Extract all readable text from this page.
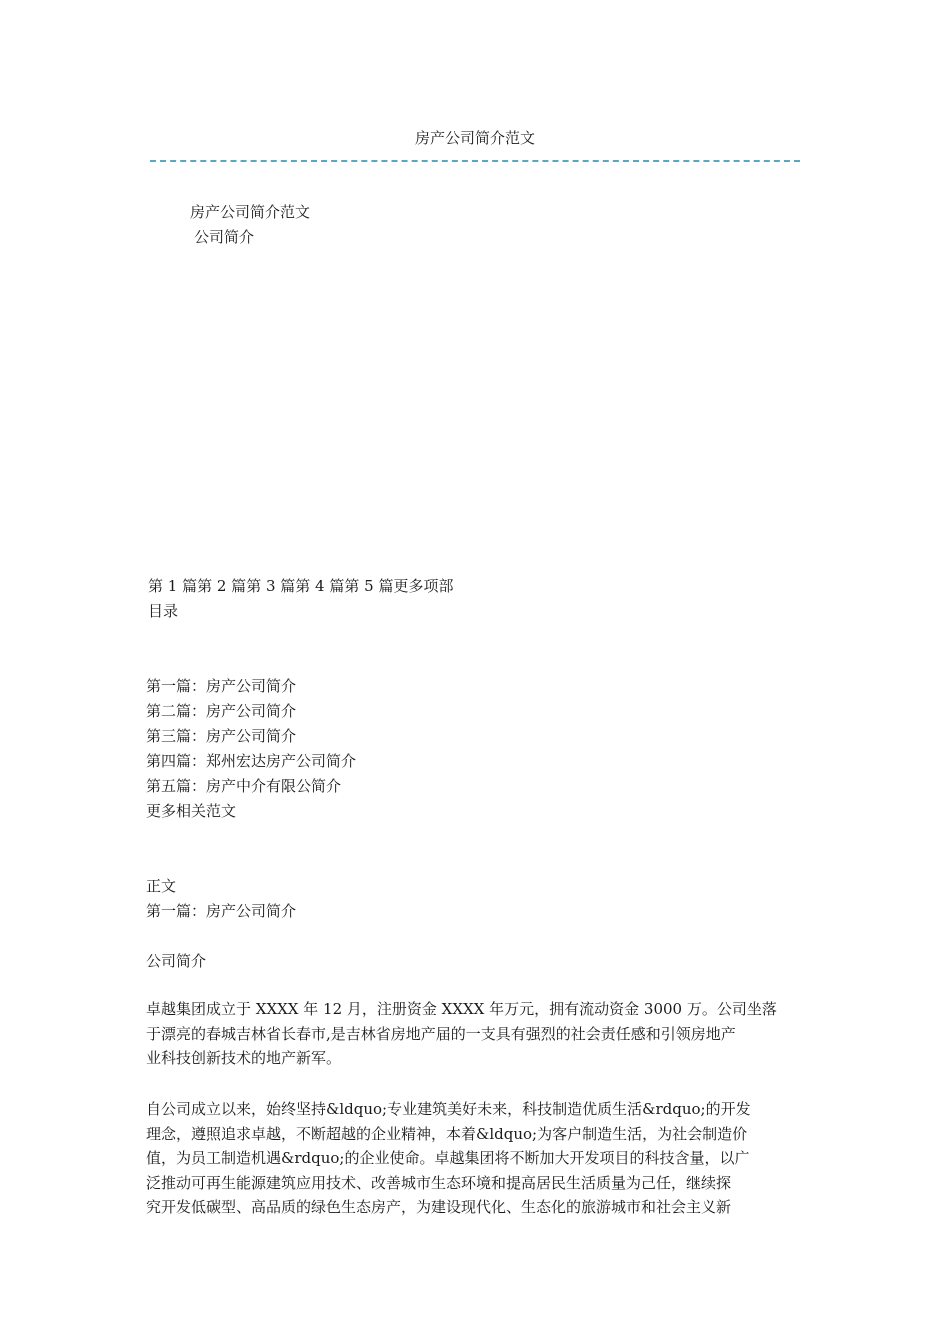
房产公司简介范文
房产公司简介范文
公司简介
第 1 篇第 2 篇第 3 篇第 4 篇第 5 篇更多项部
目录
第一篇：房产公司简介
第二篇：房产公司简介
第三篇：房产公司简介
第四篇：郑州宏达房产公司简介
第五篇：房产中介有限公简介
更多相关范文
正文
第一篇：房产公司简介
公司简介
卓越集团成立于 XXXX 年 12 月，注册资金 XXXX 年万元，拥有流动资金 3000 万。公司坐落
于漂亮的春城吉林省长春市,是吉林省房地产届的一支具有强烈的社会责任感和引领房地产
业科技创新技术的地产新军。
自公司成立以来，始终坚持&ldquo;专业建筑美好未来，科技制造优质生活&rdquo;的开发
理念，遵照追求卓越，不断超越的企业精神，本着&ldquo;为客户制造生活，为社会制造价
值，为员工制造机遇&rdquo;的企业使命。卓越集团将不断加大开发项目的科技含量，以广
泛推动可再生能源建筑应用技术、改善城市生态环境和提高居民生活质量为己任，继续探
究开发低碳型、高品质的绿色生态房产，为建设现代化、生态化的旅游城市和社会主义新
